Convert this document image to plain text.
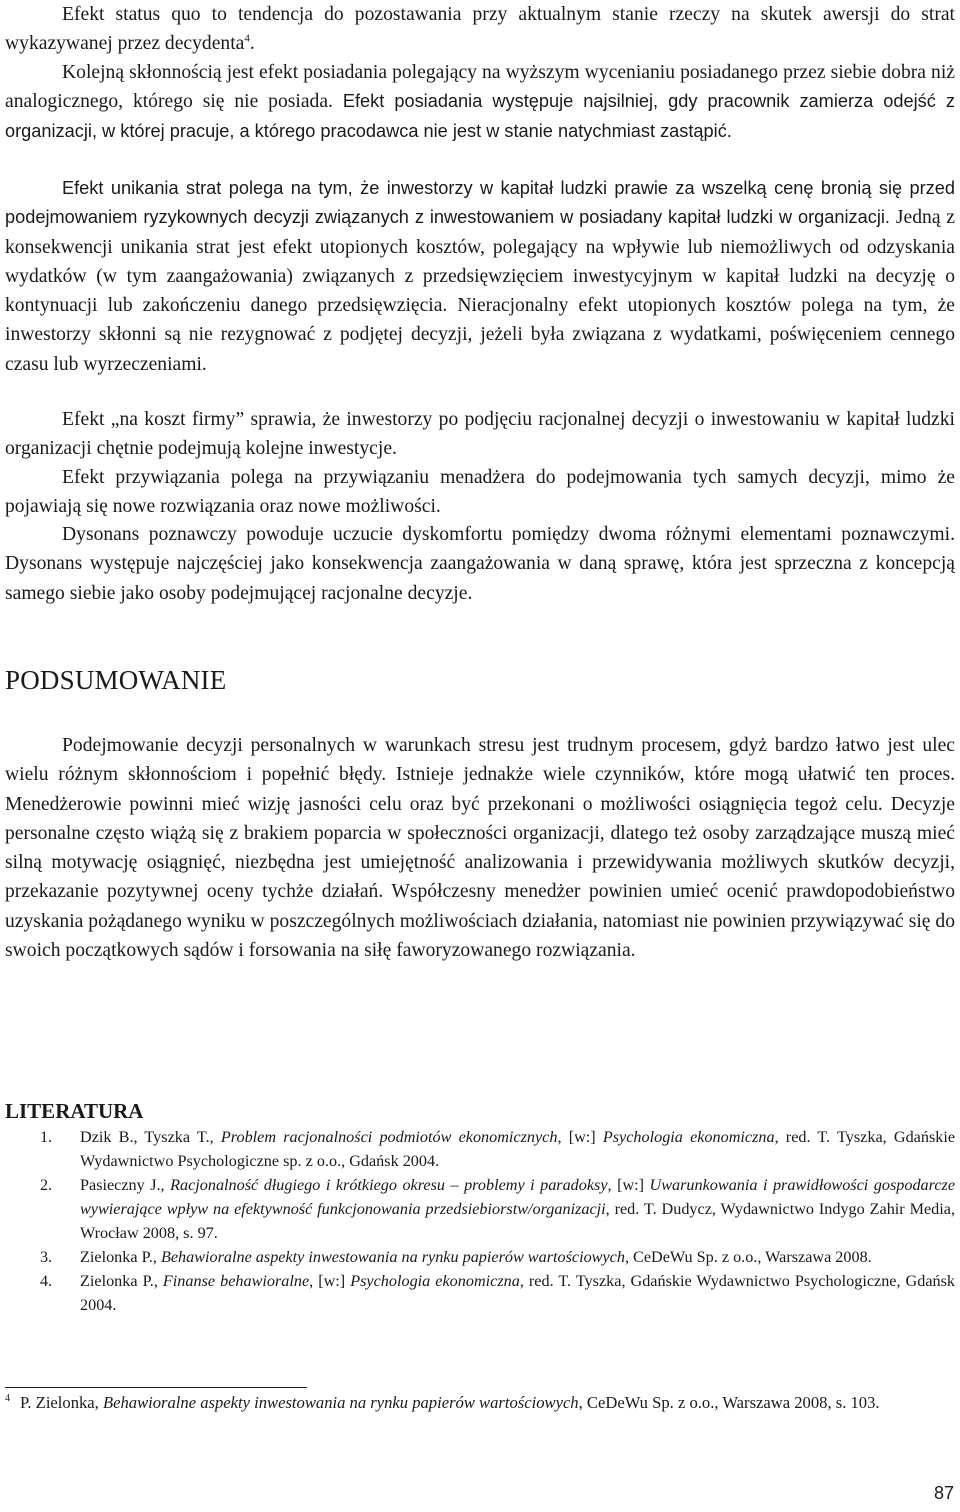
Efekt status quo to tendencja do pozostawania przy aktualnym stanie rzeczy na skutek awersji do strat wykazywanej przez decydenta$^4$.

Kolejną skłonnością jest efekt posiadania polegający na wyższym wycenianiu posiadanego przez siebie dobra niż analogicznego, którego się nie posiada. Efekt posiadania występuje najsilniej, gdy pracownik zamierza odejść z organizacji, w której pracuje, a którego pracodawca nie jest w stanie natychmiast zastąpić.

Efekt unikania strat polega na tym, że inwestorzy w kapitał ludzki prawie za wszelką cenę bronią się przed podejmowaniem ryzykownych decyzji związanych z inwestowaniem w posiadany kapitał ludzki w organizacji. Jedną z konsekwencji unikania strat jest efekt utopionych kosztów, polegający na wpływie lub niemożliwych od odzyskania wydatków (w tym zaangażowania) związanych z przedsięwzięciem inwestycyjnym w kapitał ludzki na decyzję o kontynuacji lub zakończeniu danego przedsięwzięcia. Nieracjonalny efekt utopionych kosztów polega na tym, że inwestorzy skłonni są nie rezygnować z podjętej decyzji, jeżeli była związana z wydatkami, poświęceniem cennego czasu lub wyrzeczeniami.

Efekt „na koszt firmy” sprawia, że inwestorzy po podjęciu racjonalnej decyzji o inwestowaniu w kapitał ludzki organizacji chętnie podejmują kolejne inwestycje.

Efekt przywiązania polega na przywiązaniu menadżera do podejmowania tych samych decyzji, mimo że pojawiają się nowe rozwiązania oraz nowe możliwości.

Dysonans poznawczy powoduje uczucie dyskomfortu pomiędzy dwoma różnymi elementami poznawczymi. Dysonans występuje najczęściej jako konsekwencja zaangażowania w daną sprawę, która jest sprzeczna z koncepcją samego siebie jako osoby podejmującej racjonalne decyzje.

PODSUMOWANIE

Podejmowanie decyzji personalnych w warunkach stresu jest trudnym procesem, gdyż bardzo łatwo jest ulec wielu różnym skłonnościom i popełnić błędy. Istnieje jednakże wiele czynników, które mogą ułatwić ten proces. Menedżerowie powinni mieć wizję jasności celu oraz być przekonani o możliwości osiągnięcia tegoż celu. Decyzje personalne często wiążą się z brakiem poparcia w społeczności organizacji, dlatego też osoby zarządzające muszą mieć silną motywację osiągnięć, niezbędna jest umiejętność analizowania i przewidywania możliwych skutków decyzji, przekazanie pozytywnej oceny tychże działań. Współczesny menedżer powinien umieć ocenić prawdopodobieństwo uzyskania pożądanego wyniku w poszczególnych możliwościach działania, natomiast nie powinien przywiązywać się do swoich początkowych sądów i forsowania na siłę faworyzowanego rozwiązania.

LITERATURA
1. Dzik B., Tyszka T., Problem racjonalności podmiotów ekonomicznych, [w:] Psychologia ekonomiczna, red. T. Tyszka, Gdańskie Wydawnictwo Psychologiczne sp. z o.o., Gdańsk 2004.
2. Pasieczny J., Racjonalność długiego i krótkiego okresu – problemy i paradoksy, [w:] Uwarunkowania i prawidłowości gospodarcze wywierające wpływ na efektywność funkcjonowania przedsiebiorstw/organizacji, red. T. Dudycz, Wydawnictwo Indygo Zahir Media, Wrocław 2008, s. 97.
3. Zielonka P., Behawioralne aspekty inwestowania na rynku papierów wartościowych, CeDeWu Sp. z o.o., Warszawa 2008.
4. Zielonka P., Finanse behawioralne, [w:] Psychologia ekonomiczna, red. T. Tyszka, Gdańskie Wydawnictwo Psychologiczne, Gdańsk 2004.

$^4$ P. Zielonka, Behawioralne aspekty inwestowania na rynku papierów wartościowych, CeDeWu Sp. z o.o., Warszawa 2008, s. 103.

87
